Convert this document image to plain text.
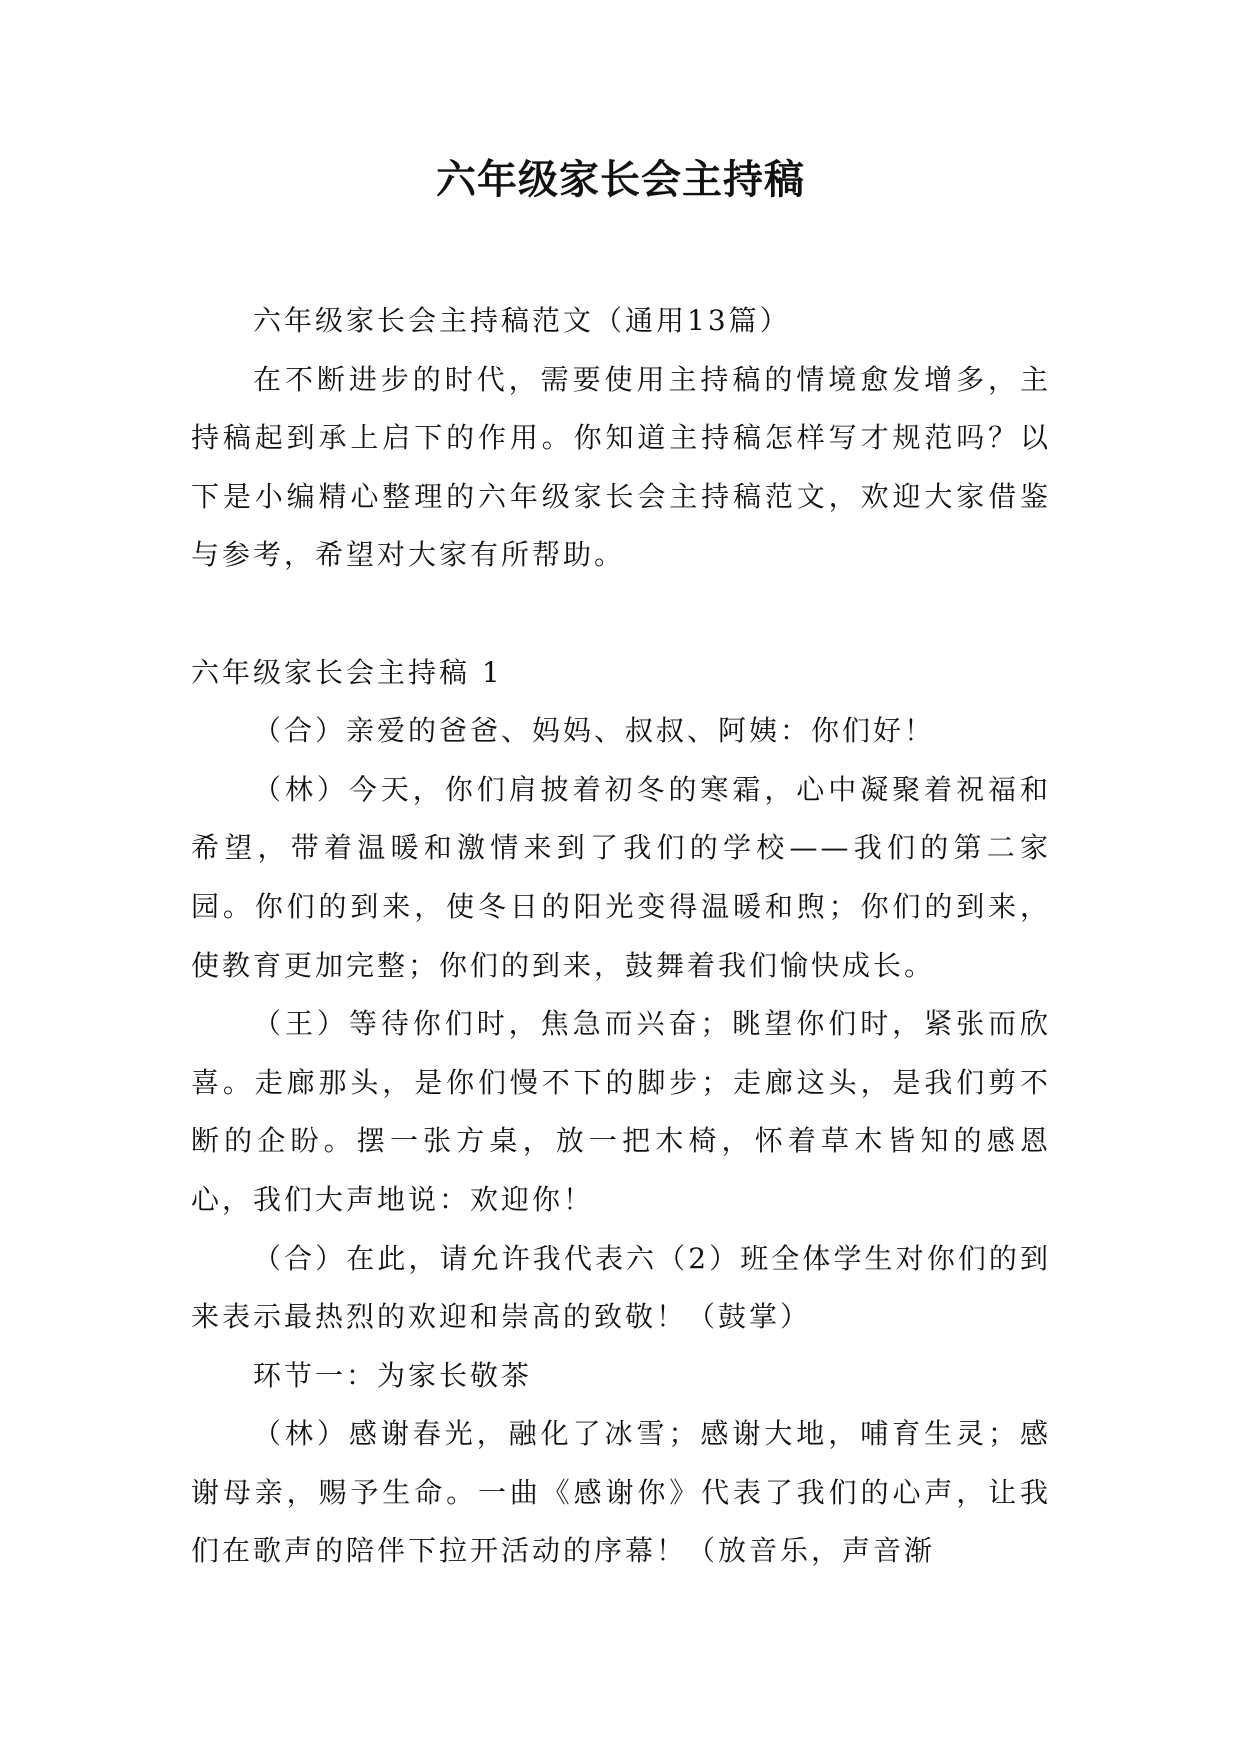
六年级家长会主持稿

六年级家长会主持稿范文（通用13篇）

在不断进步的时代，需要使用主持稿的情境愈发增多，主持稿起到承上启下的作用。你知道主持稿怎样写才规范吗？以下是小编精心整理的六年级家长会主持稿范文，欢迎大家借鉴与参考，希望对大家有所帮助。

六年级家长会主持稿 1

（合）亲爱的爸爸、妈妈、叔叔、阿姨：你们好！

（林）今天，你们肩披着初冬的寒霜，心中凝聚着祝福和希望，带着温暖和激情来到了我们的学校——我们的第二家园。你们的到来，使冬日的阳光变得温暖和煦；你们的到来，使教育更加完整；你们的到来，鼓舞着我们愉快成长。

（王）等待你们时，焦急而兴奋；眺望你们时，紧张而欣喜。走廊那头，是你们慢不下的脚步；走廊这头，是我们剪不断的企盼。摆一张方桌，放一把木椅，怀着草木皆知的感恩心，我们大声地说：欢迎你！

（合）在此，请允许我代表六（2）班全体学生对你们的到来表示最热烈的欢迎和崇高的致敬！（鼓掌）

环节一：为家长敬茶

（林）感谢春光，融化了冰雪；感谢大地，哺育生灵；感谢母亲，赐予生命。一曲《感谢你》代表了我们的心声，让我们在歌声的陪伴下拉开活动的序幕！（放音乐，声音渐
